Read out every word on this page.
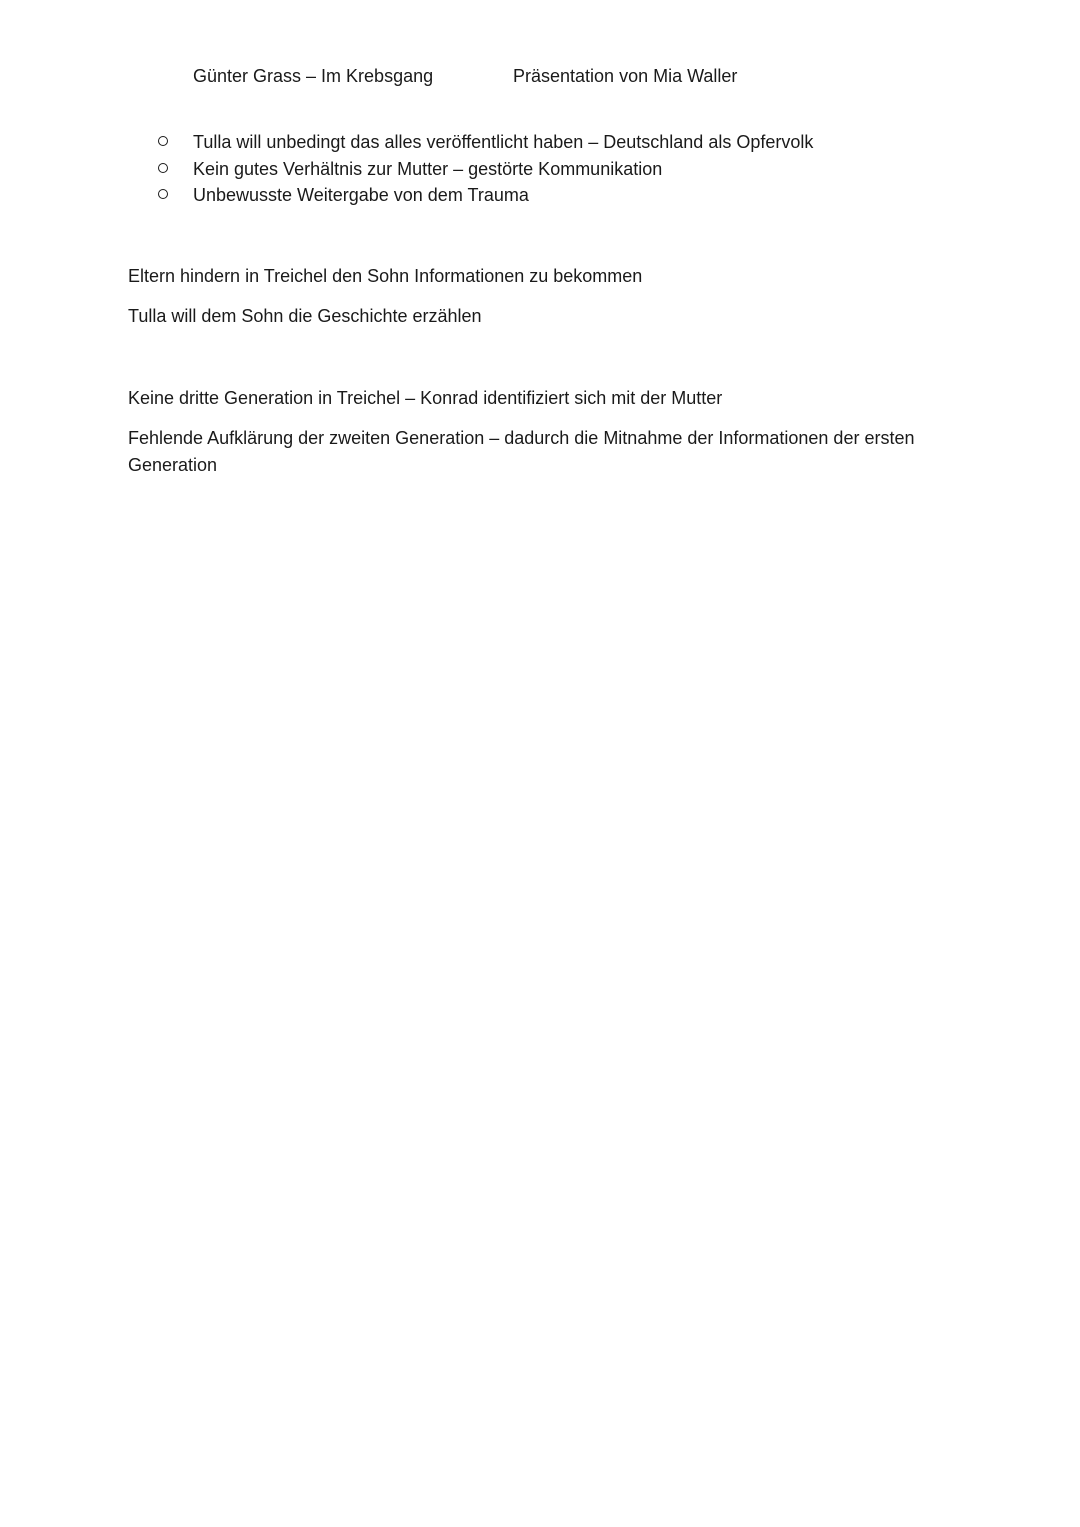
Günter Grass – Im Krebsgang	Präsentation von Mia Waller
Tulla will unbedingt das alles veröffentlicht haben – Deutschland als Opfervolk
Kein gutes Verhältnis zur Mutter – gestörte Kommunikation
Unbewusste Weitergabe von dem Trauma

Eltern hindern in Treichel den Sohn Informationen zu bekommen

Tulla will dem Sohn die Geschichte erzählen

Keine dritte Generation in Treichel – Konrad identifiziert sich mit der Mutter

Fehlende Aufklärung der zweiten Generation – dadurch die Mitnahme der Informationen der ersten Generation
